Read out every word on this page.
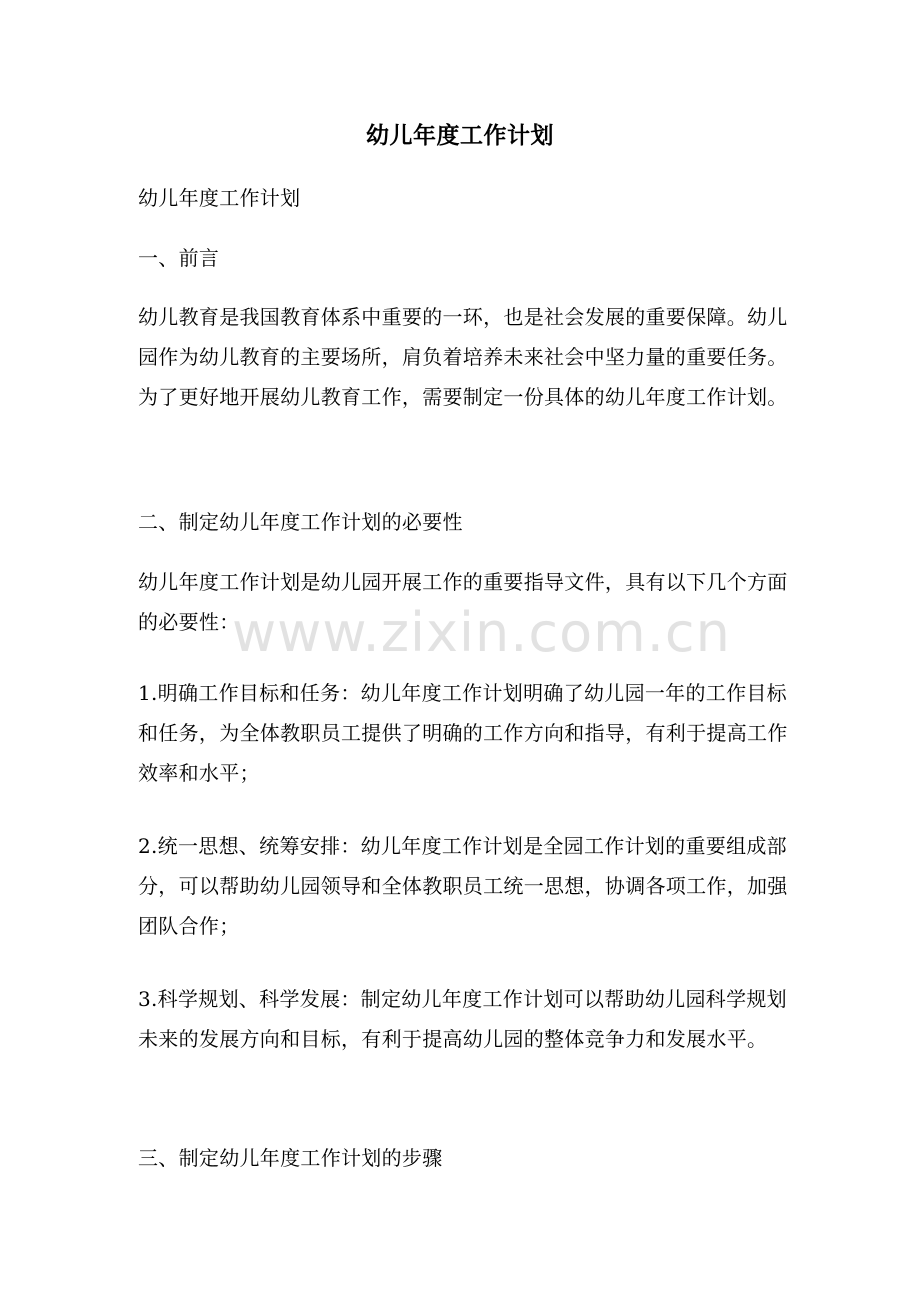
幼儿年度工作计划

幼儿年度工作计划

一、前言

幼儿教育是我国教育体系中重要的一环，也是社会发展的重要保障。幼儿园作为幼儿教育的主要场所，肩负着培养未来社会中坚力量的重要任务。为了更好地开展幼儿教育工作，需要制定一份具体的幼儿年度工作计划。

二、制定幼儿年度工作计划的必要性

幼儿年度工作计划是幼儿园开展工作的重要指导文件，具有以下几个方面的必要性：

1.明确工作目标和任务：幼儿年度工作计划明确了幼儿园一年的工作目标和任务，为全体教职员工提供了明确的工作方向和指导，有利于提高工作效率和水平；

2.统一思想、统筹安排：幼儿年度工作计划是全园工作计划的重要组成部分，可以帮助幼儿园领导和全体教职员工统一思想，协调各项工作，加强团队合作；

3.科学规划、科学发展：制定幼儿年度工作计划可以帮助幼儿园科学规划未来的发展方向和目标，有利于提高幼儿园的整体竞争力和发展水平。

三、制定幼儿年度工作计划的步骤

www.zixin.com.cn
